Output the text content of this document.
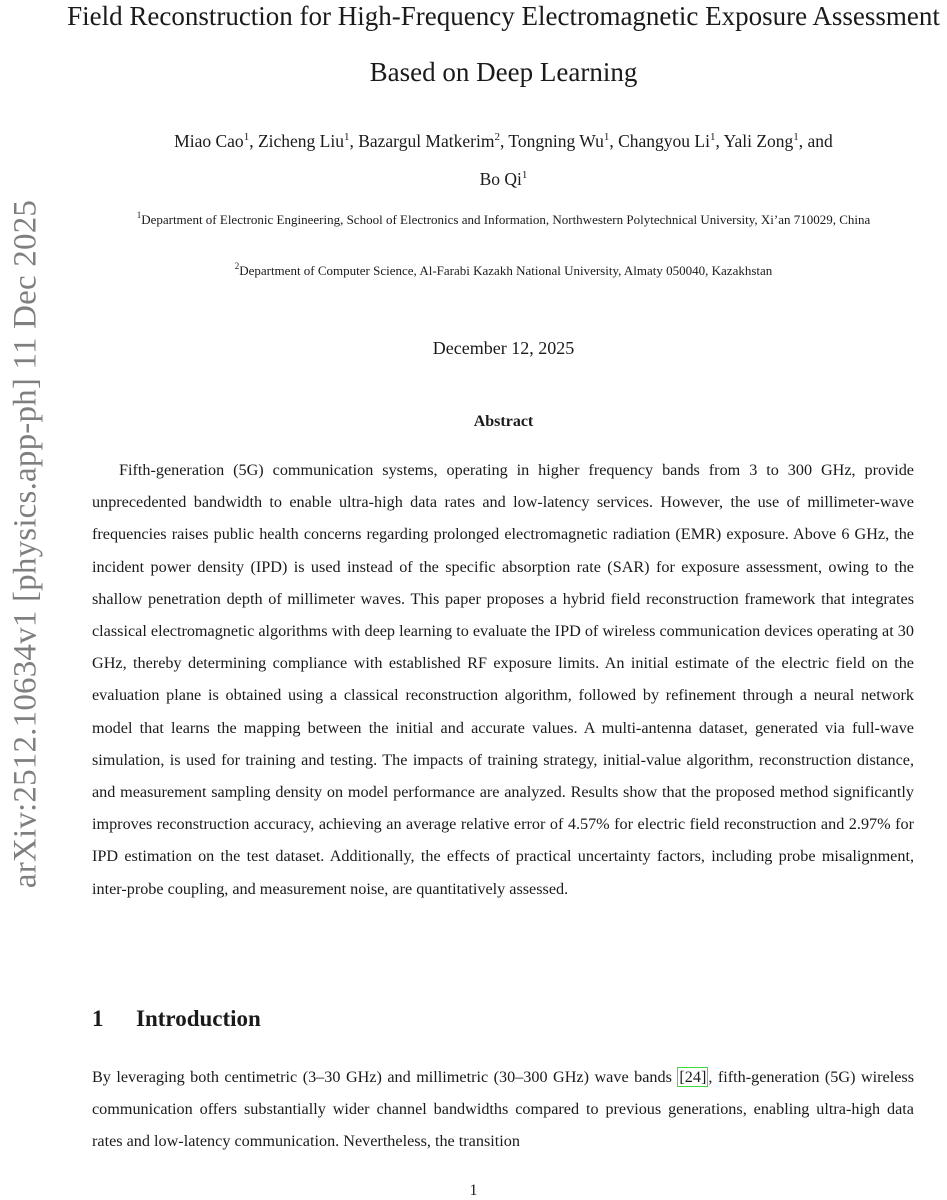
arXiv:2512.10634v1 [physics.app-ph] 11 Dec 2025
Field Reconstruction for High-Frequency Electromagnetic Exposure Assessment Based on Deep Learning
Miao Cao$^1$, Zicheng Liu$^1$, Bazargul Matkerim$^2$, Tongning Wu$^1$, Changyou Li$^1$, Yali Zong$^1$, and
Bo Qi$^1$
$^1$Department of Electronic Engineering, School of Electronics and Information, Northwestern Polytechnical University, Xi’an 710029, China
$^2$Department of Computer Science, Al-Farabi Kazakh National University, Almaty 050040, Kazakhstan
December 12, 2025
Abstract

Fifth-generation (5G) communication systems, operating in higher frequency bands from 3 to 300 GHz, provide unprecedented bandwidth to enable ultra-high data rates and low-latency services. However, the use of millimeter-wave frequencies raises public health concerns regarding prolonged electromagnetic radiation (EMR) exposure. Above 6 GHz, the incident power density (IPD) is used instead of the specific absorption rate (SAR) for exposure assessment, owing to the shallow penetration depth of millimeter waves. This paper proposes a hybrid field reconstruction framework that integrates classical electromagnetic algorithms with deep learning to evaluate the IPD of wireless communication devices operating at 30 GHz, thereby determining compliance with established RF exposure limits. An initial estimate of the electric field on the evaluation plane is obtained using a classical reconstruction algorithm, followed by refinement through a neural network model that learns the mapping between the initial and accurate values. A multi-antenna dataset, generated via full-wave simulation, is used for training and testing. The impacts of training strategy, initial-value algorithm, reconstruction distance, and measurement sampling density on model performance are analyzed. Results show that the proposed method significantly improves reconstruction accuracy, achieving an average relative error of 4.57% for electric field reconstruction and 2.97% for IPD estimation on the test dataset. Additionally, the effects of practical uncertainty factors, including probe misalignment, inter-probe coupling, and measurement noise, are quantitatively assessed.

1 Introduction

By leveraging both centimetric (3–30 GHz) and millimetric (30–300 GHz) wave bands [24] , fifth-generation (5G) wireless communication offers substantially wider channel bandwidths compared to previous generations, enabling ultra-high data rates and low-latency communication. Nevertheless, the transition

1
